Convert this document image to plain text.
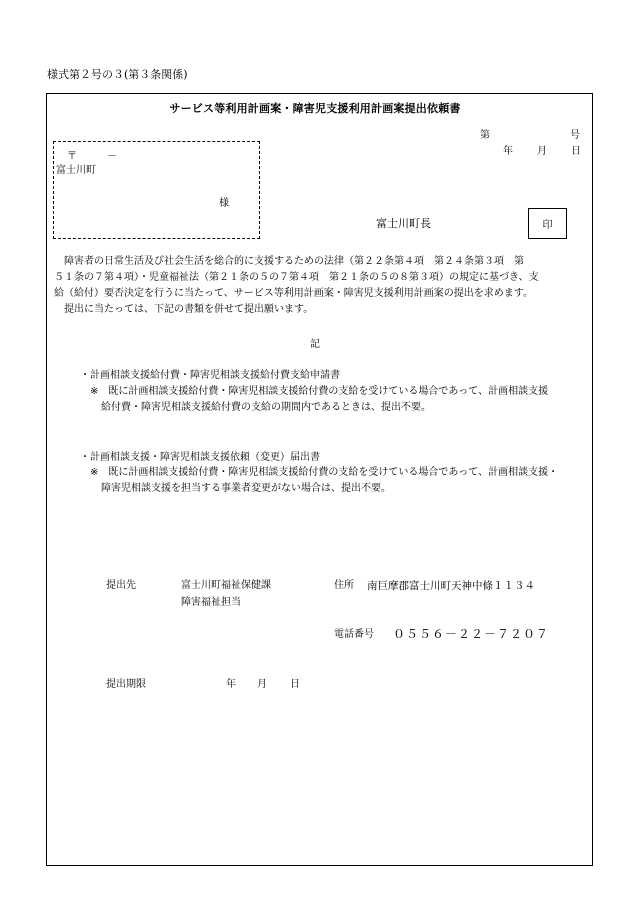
様式第２号の３(第３条関係)
サービス等利用計画案・障害児支援利用計画案提出依頼書
第	号
年 月 日
〒　　　－
富士川町
様
富士川町長	印
　障害者の日常生活及び社会生活を総合的に支援するための法律（第２２条第４項　第２４条第３項　第
５１条の７第４項）・児童福祉法（第２１条の５の７第４項　第２１条の５の８第３項）の規定に基づき、支
給（給付）要否決定を行うに当たって、サービス等利用計画案・障害児支援利用計画案の提出を求めます。
　提出に当たっては、下記の書類を併せて提出願います。
記
・計画相談支援給付費・障害児相談支援給付費支給申請書
※　既に計画相談支援給付費・障害児相談支援給付費の支給を受けている場合であって、計画相談支援
給付費・障害児相談支援給付費の支給の期間内であるときは、提出不要。
・計画相談支援・障害児相談支援依頼（変更）届出書
※　既に計画相談支援給付費・障害児相談支援給付費の支給を受けている場合であって、計画相談支援・
障害児相談支援を担当する事業者変更がない場合は、提出不要。
提出先	富士川町福祉保健課
障害福祉担当
住所 南巨摩郡富士川町天神中條１１３４
電話番号 ０５５６－２２－７２０７
提出期限	年 月 日
